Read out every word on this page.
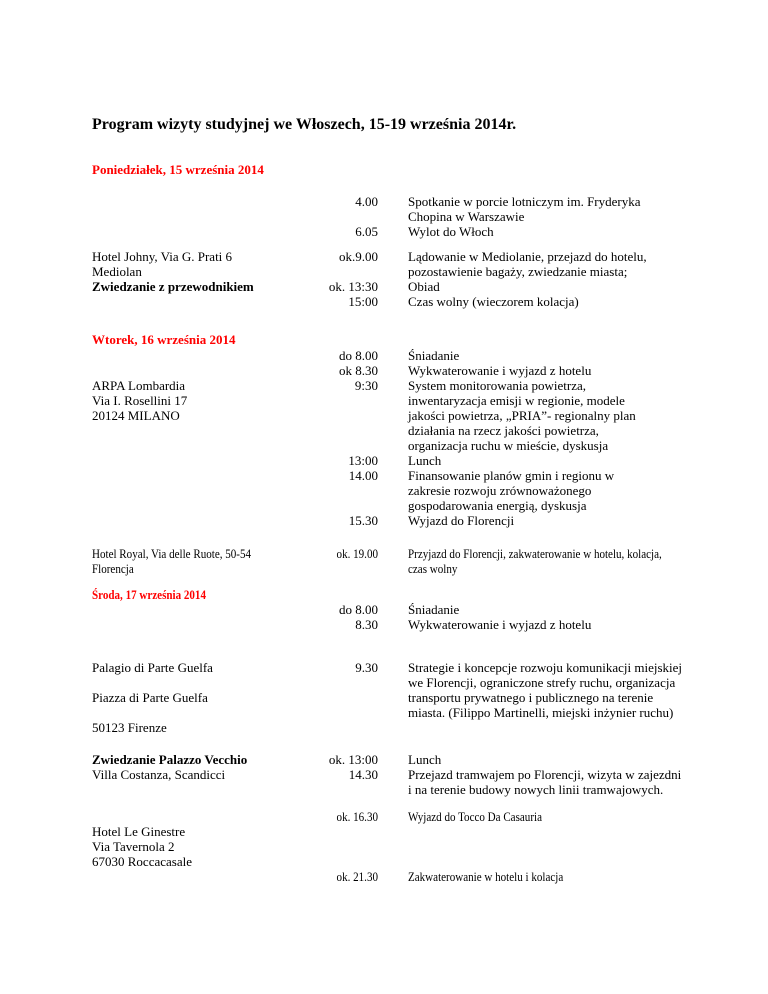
Program wizyty studyjnej we Włoszech, 15-19 września 2014r.
Poniedziałek, 15 września 2014
4.00 Spotkanie w porcie lotniczym im. Fryderyka
Chopina w Warszawie
6.05 Wylot do Włoch
Hotel Johny, Via G. Prati 6	ok.9.00 Lądowanie w Mediolanie, przejazd do hotelu,
Mediolan	pozostawienie bagaży, zwiedzanie miasta;
Zwiedzanie z przewodnikiem	ok. 13:30 Obiad
15:00 Czas wolny (wieczorem kolacja)
Wtorek, 16 września 2014
do 8.00 Śniadanie
ok 8.30 Wykwaterowanie i wyjazd z hotelu
ARPA Lombardia	9:30 System monitorowania powietrza,
Via I. Rosellini 17	inwentaryzacja emisji w regionie, modele
20124 MILANO	jakości powietrza, „PRIA”- regionalny plan
działania na rzecz jakości powietrza,
organizacja ruchu w mieście, dyskusja
13:00 Lunch
14.00 Finansowanie planów gmin i regionu w
zakresie rozwoju zrównoważonego
gospodarowania energią, dyskusja
15.30 Wyjazd do Florencji
Hotel Royal, Via delle Ruote, 50-54	ok. 19.00 Przyjazd do Florencji, zakwaterowanie w hotelu, kolacja,
Florencja	czas wolny
Środa, 17 września 2014
do 8.00 Śniadanie
8.30 Wykwaterowanie i wyjazd z hotelu
Palagio di Parte Guelfa	9.30 Strategie i koncepcje rozwoju komunikacji miejskiej
we Florencji, ograniczone strefy ruchu, organizacja
Piazza di Parte Guelfa	transportu prywatnego i publicznego na terenie
miasta. (Filippo Martinelli, miejski inżynier ruchu)
50123 Firenze
Zwiedzanie Palazzo Vecchio	ok. 13:00 Lunch
Villa Costanza, Scandicci	14.30 Przejazd tramwajem po Florencji, wizyta w zajezdni
i na terenie budowy nowych linii tramwajowych.
ok. 16.30 Wyjazd do Tocco Da Casauria
Hotel Le Ginestre
Via Tavernola 2
67030 Roccacasale
ok. 21.30 Zakwaterowanie w hotelu i kolacja
